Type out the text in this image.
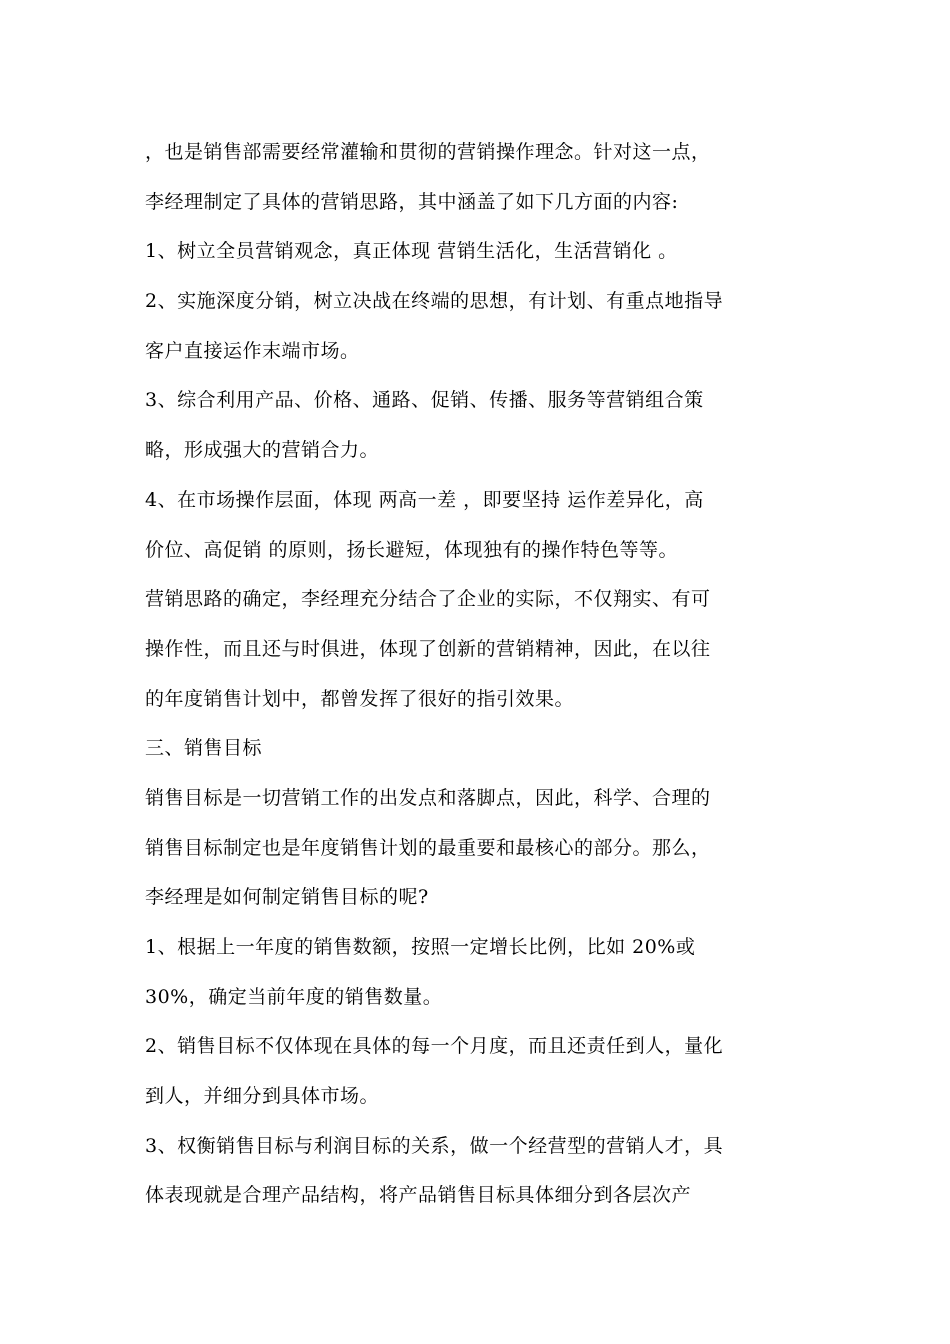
，也是销售部需要经常灌输和贯彻的营销操作理念。针对这一点，
李经理制定了具体的营销思路，其中涵盖了如下几方面的内容:
1、树立全员营销观念，真正体现 营销生活化，生活营销化 。
2、实施深度分销，树立决战在终端的思想，有计划、有重点地指导
客户直接运作末端市场。
3、综合利用产品、价格、通路、促销、传播、服务等营销组合策
略，形成强大的营销合力。
4、在市场操作层面，体现 两高一差 ，即要坚持 运作差异化，高
价位、高促销 的原则，扬长避短，体现独有的操作特色等等。
营销思路的确定，李经理充分结合了企业的实际，不仅翔实、有可
操作性，而且还与时俱进，体现了创新的营销精神，因此，在以往
的年度销售计划中，都曾发挥了很好的指引效果。
三、销售目标
销售目标是一切营销工作的出发点和落脚点，因此，科学、合理的
销售目标制定也是年度销售计划的最重要和最核心的部分。那么，
李经理是如何制定销售目标的呢?
1、根据上一年度的销售数额，按照一定增长比例，比如 20%或
30%，确定当前年度的销售数量。
2、销售目标不仅体现在具体的每一个月度，而且还责任到人，量化
到人，并细分到具体市场。
3、权衡销售目标与利润目标的关系，做一个经营型的营销人才，具
体表现就是合理产品结构，将产品销售目标具体细分到各层次产
